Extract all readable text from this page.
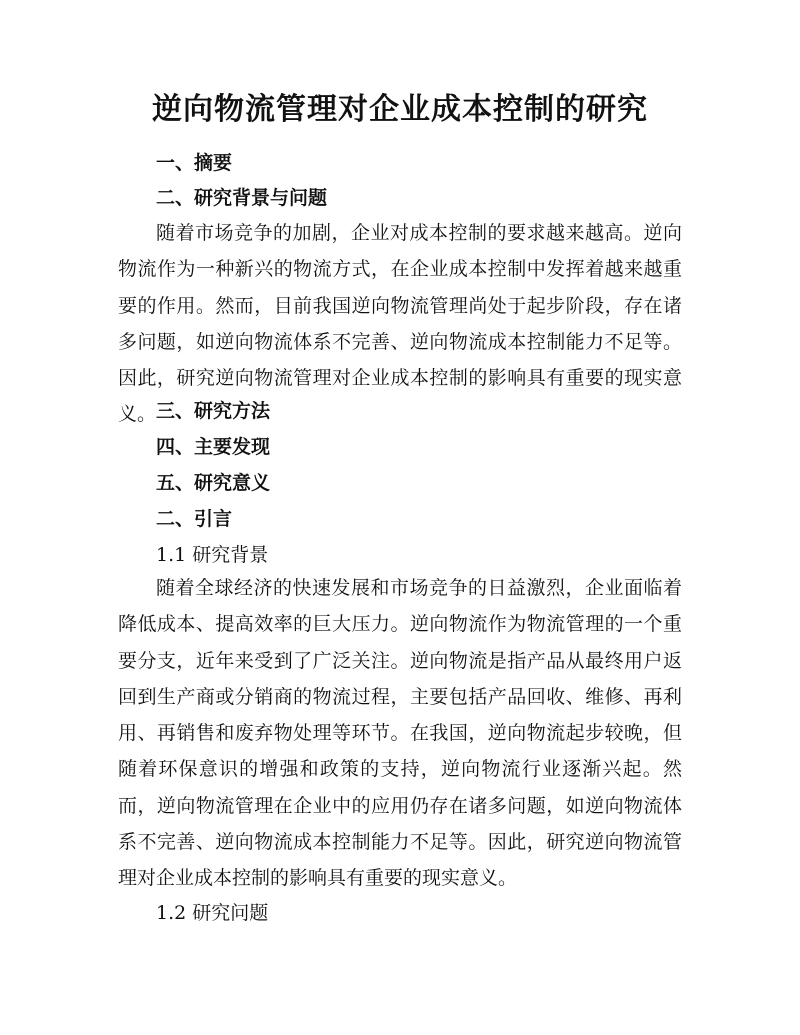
逆向物流管理对企业成本控制的研究
一、摘要
二、研究背景与问题

随着市场竞争的加剧，企业对成本控制的要求越来越高。逆向物流作为一种新兴的物流方式，在企业成本控制中发挥着越来越重要的作用。然而，目前我国逆向物流管理尚处于起步阶段，存在诸多问题，如逆向物流体系不完善、逆向物流成本控制能力不足等。因此，研究逆向物流管理对企业成本控制的影响具有重要的现实意义。 三、研究方法
四、主要发现
五、研究意义
二、引言
1.1 研究背景

随着全球经济的快速发展和市场竞争的日益激烈，企业面临着降低成本、提高效率的巨大压力。逆向物流作为物流管理的一个重要分支，近年来受到了广泛关注。逆向物流是指产品从最终用户返回到生产商或分销商的物流过程，主要包括产品回收、维修、再利用、再销售和废弃物处理等环节。在我国，逆向物流起步较晚，但随着环保意识的增强和政策的支持，逆向物流行业逐渐兴起。然而，逆向物流管理在企业中的应用仍存在诸多问题，如逆向物流体系不完善、逆向物流成本控制能力不足等。因此，研究逆向物流管理对企业成本控制的影响具有重要的现实意义。

1.2 研究问题
